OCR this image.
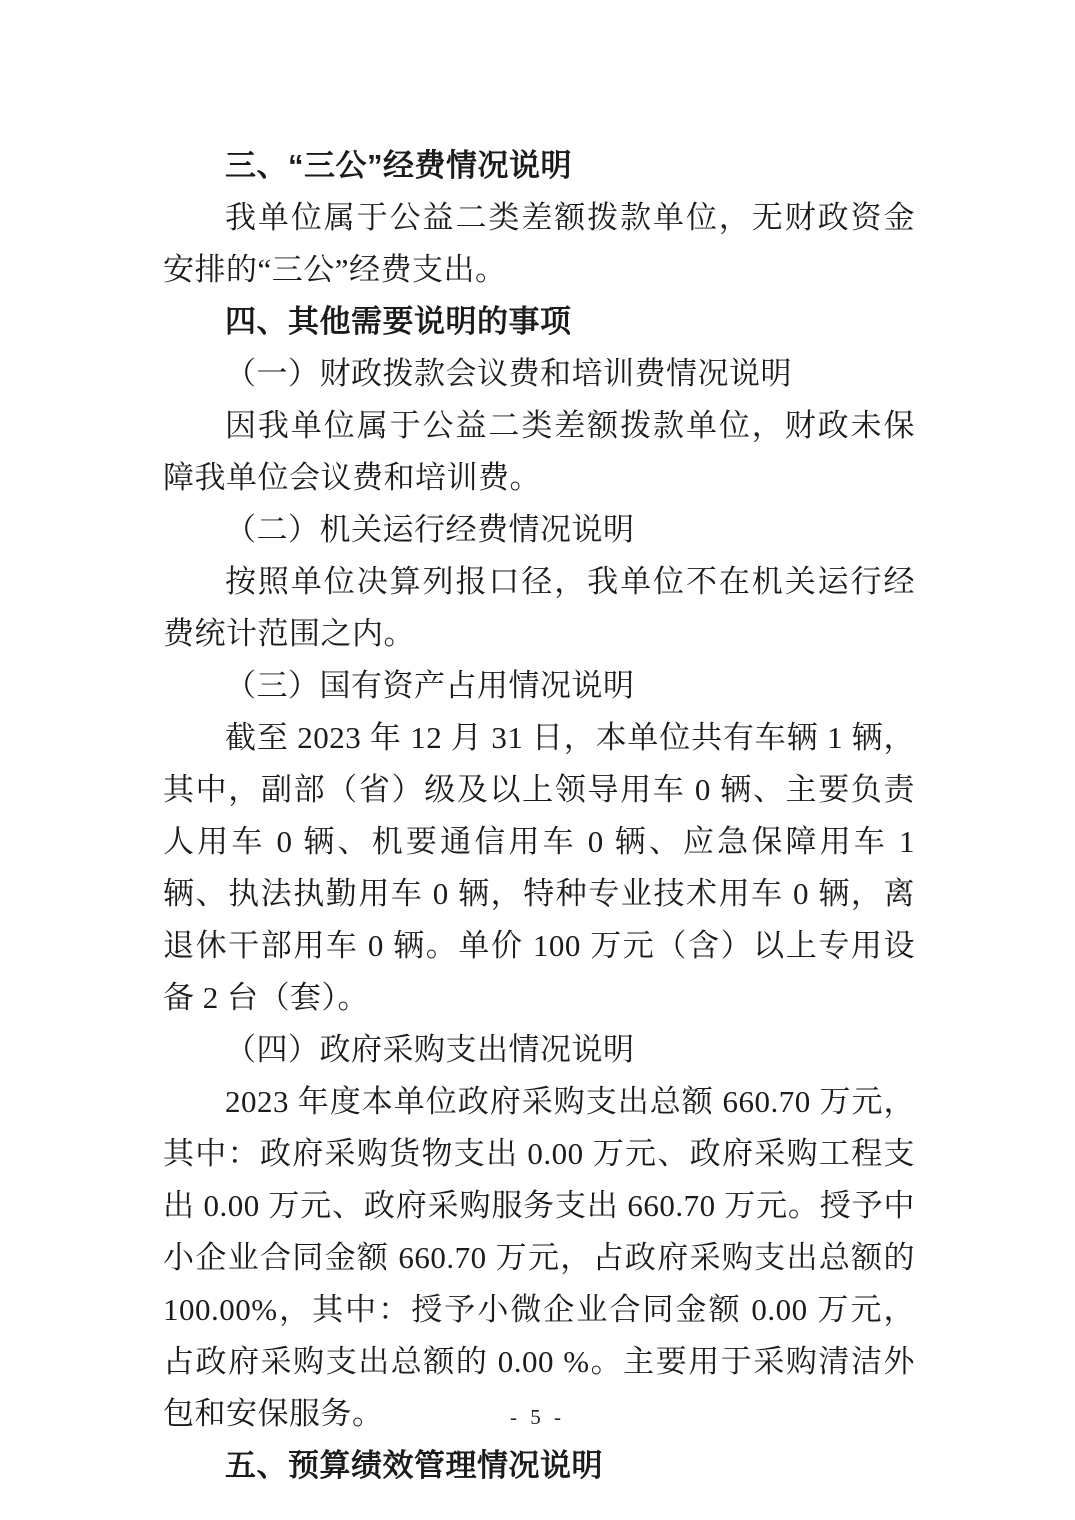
三、“三公”经费情况说明

我单位属于公益二类差额拨款单位，无财政资金安排的“三公”经费支出。

四、其他需要说明的事项

（一）财政拨款会议费和培训费情况说明

因我单位属于公益二类差额拨款单位，财政未保障我单位会议费和培训费。

（二）机关运行经费情况说明

按照单位决算列报口径，我单位不在机关运行经费统计范围之内。

（三）国有资产占用情况说明

截至 2023 年 12 月 31 日，本单位共有车辆 1 辆，其中，副部（省）级及以上领导用车 0 辆、主要负责人用车 0 辆、机要通信用车 0 辆、应急保障用车 1 辆、执法执勤用车 0 辆，特种专业技术用车 0 辆，离退休干部用车 0 辆。单价 100 万元（含）以上专用设备 2 台（套）。

（四）政府采购支出情况说明

2023 年度本单位政府采购支出总额 660.70 万元，其中：政府采购货物支出 0.00 万元、政府采购工程支出 0.00 万元、政府采购服务支出 660.70 万元。授予中小企业合同金额 660.70 万元，占政府采购支出总额的 100.00%，其中：授予小微企业合同金额 0.00 万元，占政府采购支出总额的 0.00 %。主要用于采购清洁外包和安保服务。

五、预算绩效管理情况说明

- 5 -
